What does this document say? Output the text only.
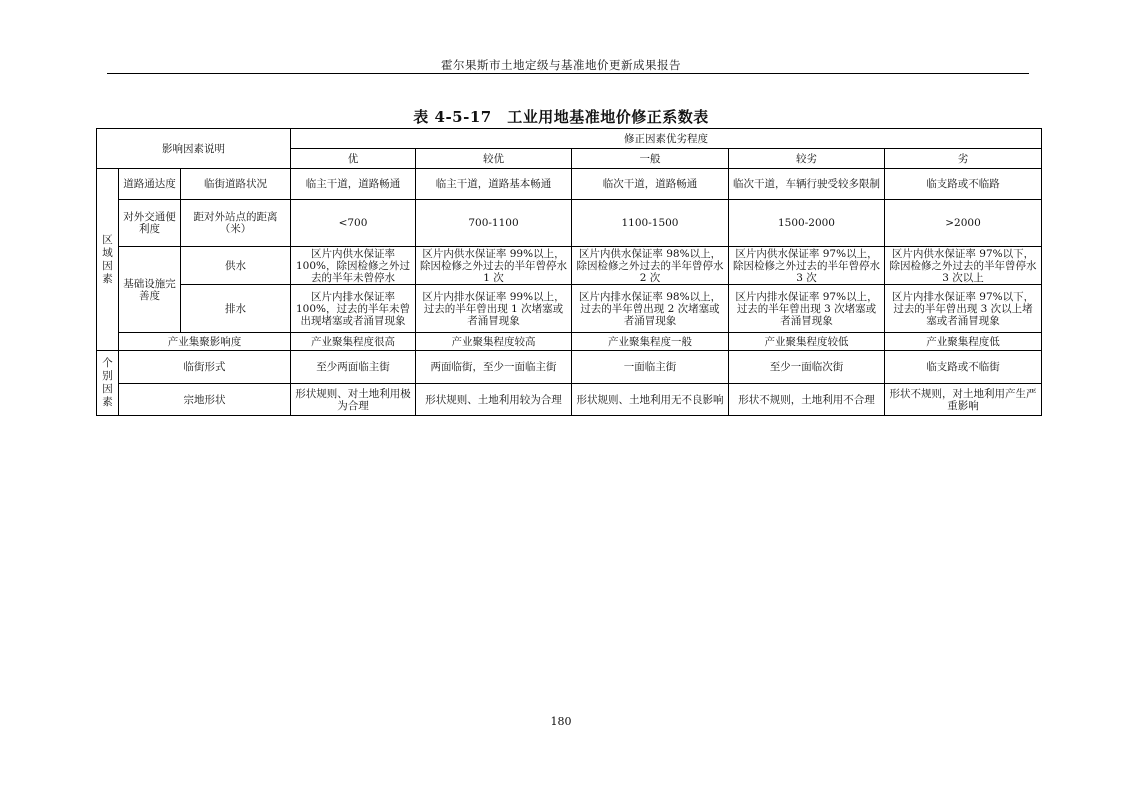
霍尔果斯市土地定级与基准地价更新成果报告
表 4-5-17　工业用地基准地价修正系数表
影响因素说明			修正因素优劣程度				
			优	较优	一般	较劣	劣

区域因素	道路通达度	临街道路状况	临主干道，道路畅通	临主干道，道路基本畅通	临次干道，道路畅通	临次干道，车辆行驶受较多限制	临支路或不临路
	对外交通便利度	距对外站点的距离（米）	<700	700-1100	1100-1500	1500-2000	>2000
	基础设施完善度	供水	区片内供水保证率100%，除因检修之外过去的半年未曾停水	区片内供水保证率 99%以上，除因检修之外过去的半年曾停水 1 次	区片内供水保证率 98%以上，除因检修之外过去的半年曾停水 2 次	区片内供水保证率 97%以上，除因检修之外过去的半年曾停水 3 次	区片内供水保证率 97%以下，除因检修之外过去的半年曾停水 3 次以上
		排水	区片内排水保证率100%，过去的半年未曾出现堵塞或者涌冒现象	区片内排水保证率 99%以上，过去的半年曾出现 1 次堵塞或者涌冒现象	区片内排水保证率 98%以上，过去的半年曾出现 2 次堵塞或者涌冒现象	区片内排水保证率 97%以上，过去的半年曾出现 3 次堵塞或者涌冒现象	区片内排水保证率 97%以下，过去的半年曾出现 3 次以上堵塞或者涌冒现象
	产业集聚影响度		产业聚集程度很高	产业聚集程度较高	产业聚集程度一般	产业聚集程度较低	产业聚集程度低

个别因素	临街形式		至少两面临主街	两面临街，至少一面临主街	一面临主街	至少一面临次街	临支路或不临街
	宗地形状		形状规则、对土地利用极为合理	形状规则、土地利用较为合理	形状规则、土地利用无不良影响	形状不规则，土地利用不合理	形状不规则，对土地利用产生严重影响
180
